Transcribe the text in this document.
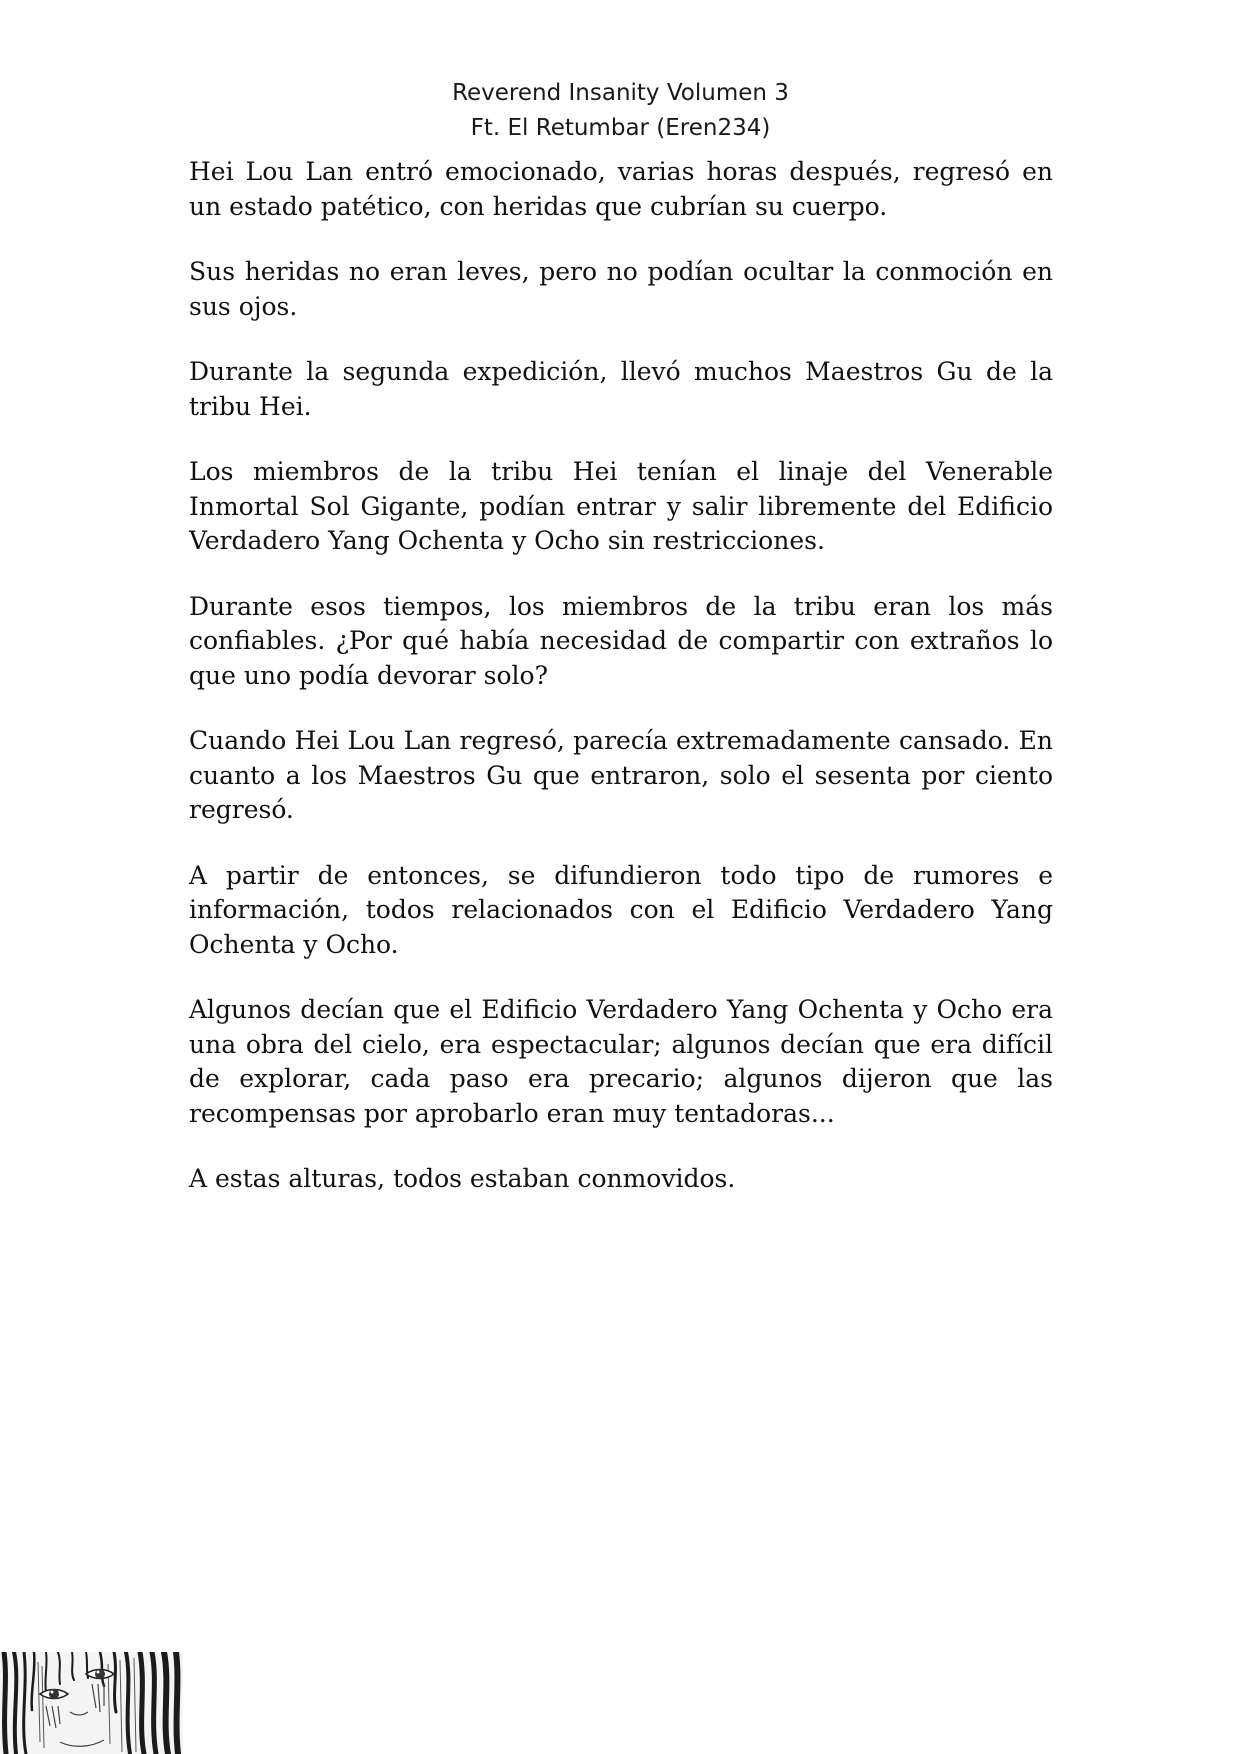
Reverend Insanity Volumen 3
Ft. El Retumbar (Eren234)

Hei Lou Lan entró emocionado, varias horas después, regresó en un estado patético, con heridas que cubrían su cuerpo.

Sus heridas no eran leves, pero no podían ocultar la conmoción en sus ojos.

Durante la segunda expedición, llevó muchos Maestros Gu de la tribu Hei.

Los miembros de la tribu Hei tenían el linaje del Venerable Inmortal Sol Gigante, podían entrar y salir libremente del Edificio Verdadero Yang Ochenta y Ocho sin restricciones.

Durante esos tiempos, los miembros de la tribu eran los más confiables. ¿Por qué había necesidad de compartir con extraños lo que uno podía devorar solo?

Cuando Hei Lou Lan regresó, parecía extremadamente cansado. En cuanto a los Maestros Gu que entraron, solo el sesenta por ciento regresó.

A partir de entonces, se difundieron todo tipo de rumores e información, todos relacionados con el Edificio Verdadero Yang Ochenta y Ocho.

Algunos decían que el Edificio Verdadero Yang Ochenta y Ocho era una obra del cielo, era espectacular; algunos decían que era difícil de explorar, cada paso era precario; algunos dijeron que las recompensas por aprobarlo eran muy tentadoras...

A estas alturas, todos estaban conmovidos.
